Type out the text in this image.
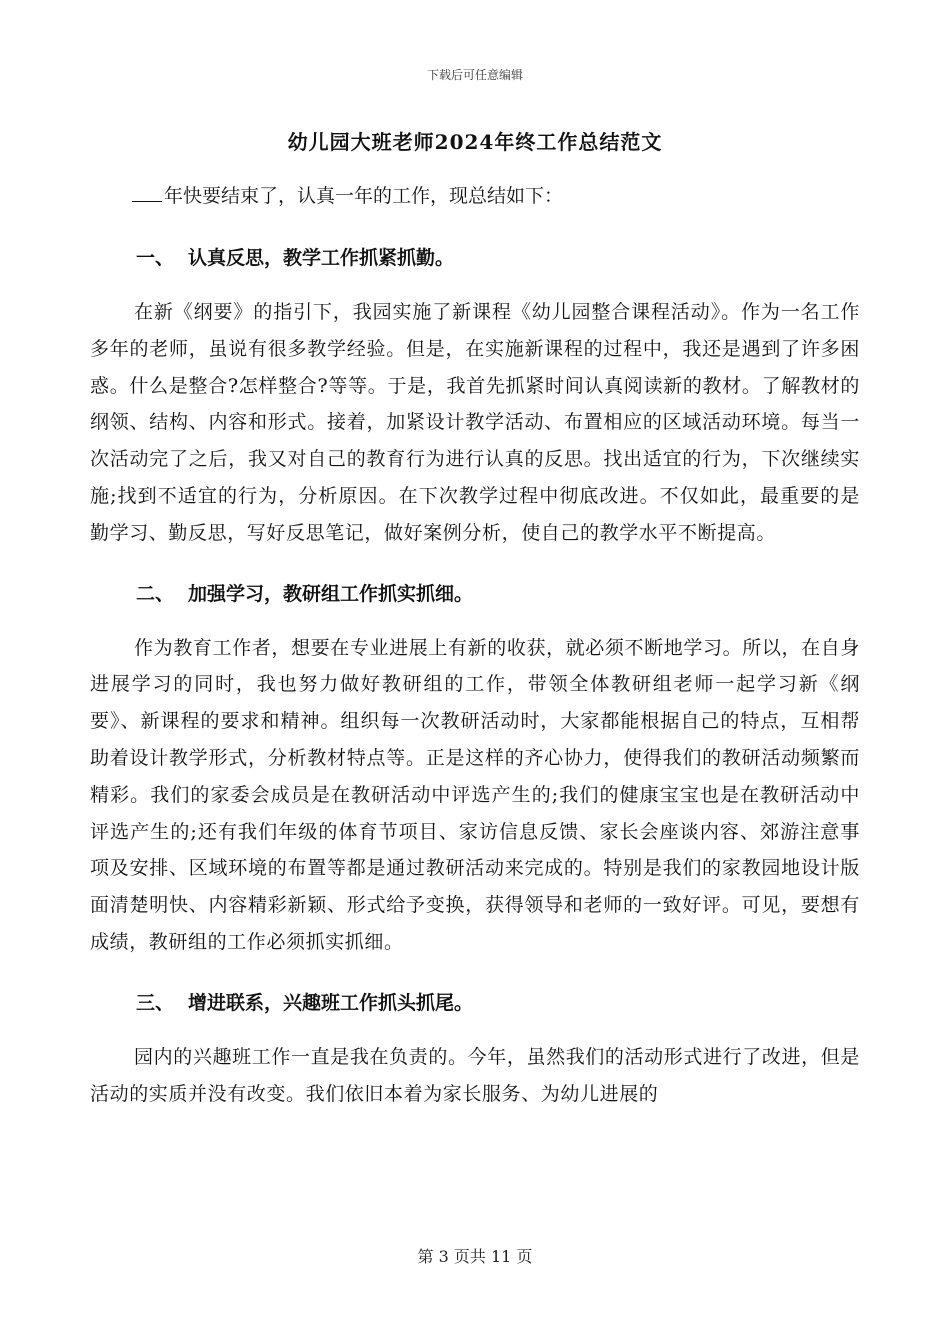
下载后可任意编辑
幼儿园大班老师2024年终工作总结范文

年快要结束了，认真一年的工作，现总结如下：

一、 认真反思，教学工作抓紧抓勤。

在新《纲要》的指引下，我园实施了新课程《幼儿园整合课程活动》。作为一名工作多年的老师，虽说有很多教学经验。但是，在实施新课程的过程中，我还是遇到了许多困惑。什么是整合?怎样整合?等等。于是，我首先抓紧时间认真阅读新的教材。了解教材的纲领、结构、内容和形式。接着，加紧设计教学活动、布置相应的区域活动环境。每当一次活动完了之后，我又对自己的教育行为进行认真的反思。找出适宜的行为，下次继续实施;找到不适宜的行为，分析原因。在下次教学过程中彻底改进。不仅如此，最重要的是勤学习、勤反思，写好反思笔记，做好案例分析，使自己的教学水平不断提高。

二、 加强学习，教研组工作抓实抓细。

作为教育工作者，想要在专业进展上有新的收获，就必须不断地学习。所以，在自身进展学习的同时，我也努力做好教研组的工作，带领全体教研组老师一起学习新《纲要》、新课程的要求和精神。组织每一次教研活动时，大家都能根据自己的特点，互相帮助着设计教学形式，分析教材特点等。正是这样的齐心协力，使得我们的教研活动频繁而精彩。我们的家委会成员是在教研活动中评选产生的;我们的健康宝宝也是在教研活动中评选产生的;还有我们年级的体育节项目、家访信息反馈、家长会座谈内容、郊游注意事项及安排、区域环境的布置等都是通过教研活动来完成的。特别是我们的家教园地设计版面清楚明快、内容精彩新颖、形式给予变换，获得领导和老师的一致好评。可见，要想有成绩，教研组的工作必须抓实抓细。

三、 增进联系，兴趣班工作抓头抓尾。

园内的兴趣班工作一直是我在负责的。今年，虽然我们的活动形式进行了改进，但是活动的实质并没有改变。我们依旧本着为家长服务、为幼儿进展的

第 3 页共 11 页
